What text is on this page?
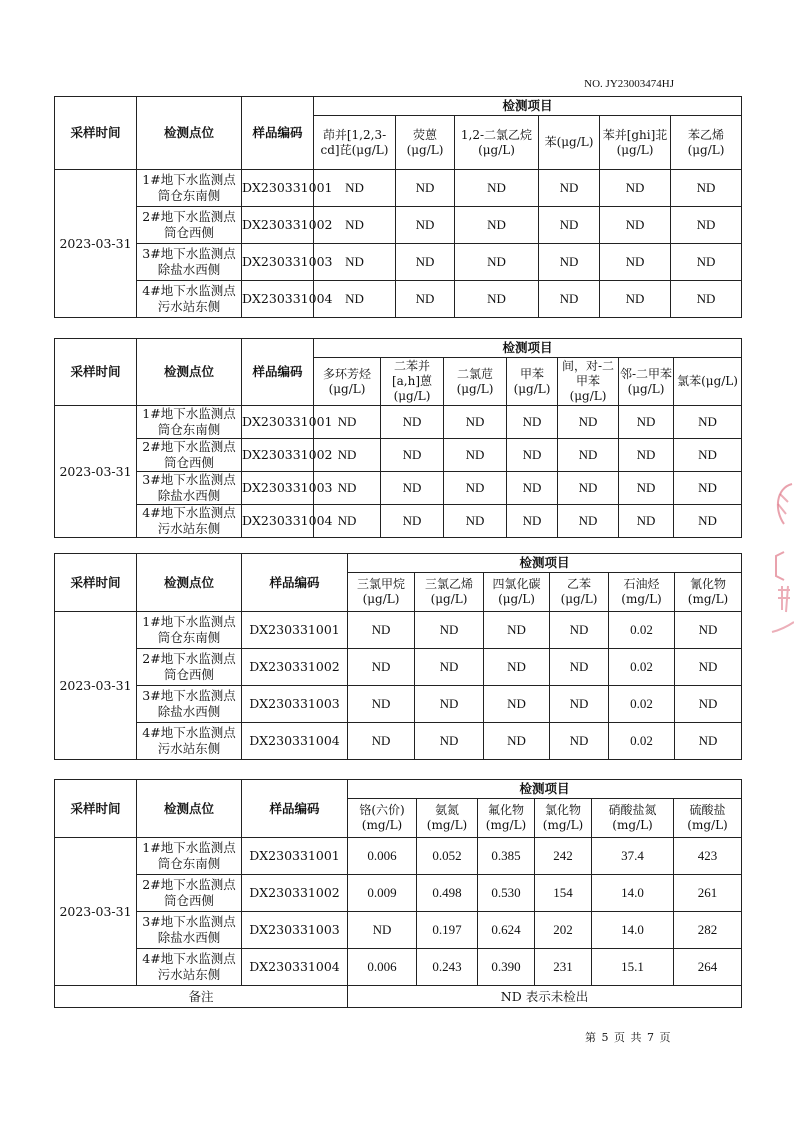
NO. JY23003474HJ
采样时间	检测点位	样品编码	检测项目					
			茚并[1,2,3-cd]芘(μg/L)	荧蒽(μg/L)	1,2-二氯乙烷(μg/L)	苯(μg/L)	苯并[ghi]苝(μg/L)	苯乙烯(μg/L)
2023-03-31	1#地下水监测点筒仓东南侧	DX230331001	ND	ND	ND	ND	ND	ND
	2#地下水监测点筒仓西侧	DX230331002	ND	ND	ND	ND	ND	ND
	3#地下水监测点除盐水西侧	DX230331003	ND	ND	ND	ND	ND	ND
	4#地下水监测点污水站东侧	DX230331004	ND	ND	ND	ND	ND	ND
采样时间	检测点位	样品编码	检测项目						
			多环芳烃(μg/L)	二苯并[a,h]蒽(μg/L)	二氯苊(μg/L)	甲苯(μg/L)	间，对-二甲苯(μg/L)	邻-二甲苯(μg/L)	氯苯(μg/L)
2023-03-31	1#地下水监测点筒仓东南侧	DX230331001	ND	ND	ND	ND	ND	ND	ND
	2#地下水监测点筒仓西侧	DX230331002	ND	ND	ND	ND	ND	ND	ND
	3#地下水监测点除盐水西侧	DX230331003	ND	ND	ND	ND	ND	ND	ND
	4#地下水监测点污水站东侧	DX230331004	ND	ND	ND	ND	ND	ND	ND
采样时间	检测点位	样品编码	检测项目					
			三氯甲烷(μg/L)	三氯乙烯(μg/L)	四氯化碳(μg/L)	乙苯(μg/L)	石油烃(mg/L)	氰化物(mg/L)
2023-03-31	1#地下水监测点筒仓东南侧	DX230331001	ND	ND	ND	ND	0.02	ND
	2#地下水监测点筒仓西侧	DX230331002	ND	ND	ND	ND	0.02	ND
	3#地下水监测点除盐水西侧	DX230331003	ND	ND	ND	ND	0.02	ND
	4#地下水监测点污水站东侧	DX230331004	ND	ND	ND	ND	0.02	ND
采样时间	检测点位	样品编码	检测项目					
			铬(六价)(mg/L)	氨氮(mg/L)	氟化物(mg/L)	氯化物(mg/L)	硝酸盐氮(mg/L)	硫酸盐(mg/L)
2023-03-31	1#地下水监测点筒仓东南侧	DX230331001	0.006	0.052	0.385	242	37.4	423
	2#地下水监测点筒仓西侧	DX230331002	0.009	0.498	0.530	154	14.0	261
	3#地下水监测点除盐水西侧	DX230331003	ND	0.197	0.624	202	14.0	282
	4#地下水监测点污水站东侧	DX230331004	0.006	0.243	0.390	231	15.1	264
备注			ND 表示未检出					
第 5 页 共 7 页
